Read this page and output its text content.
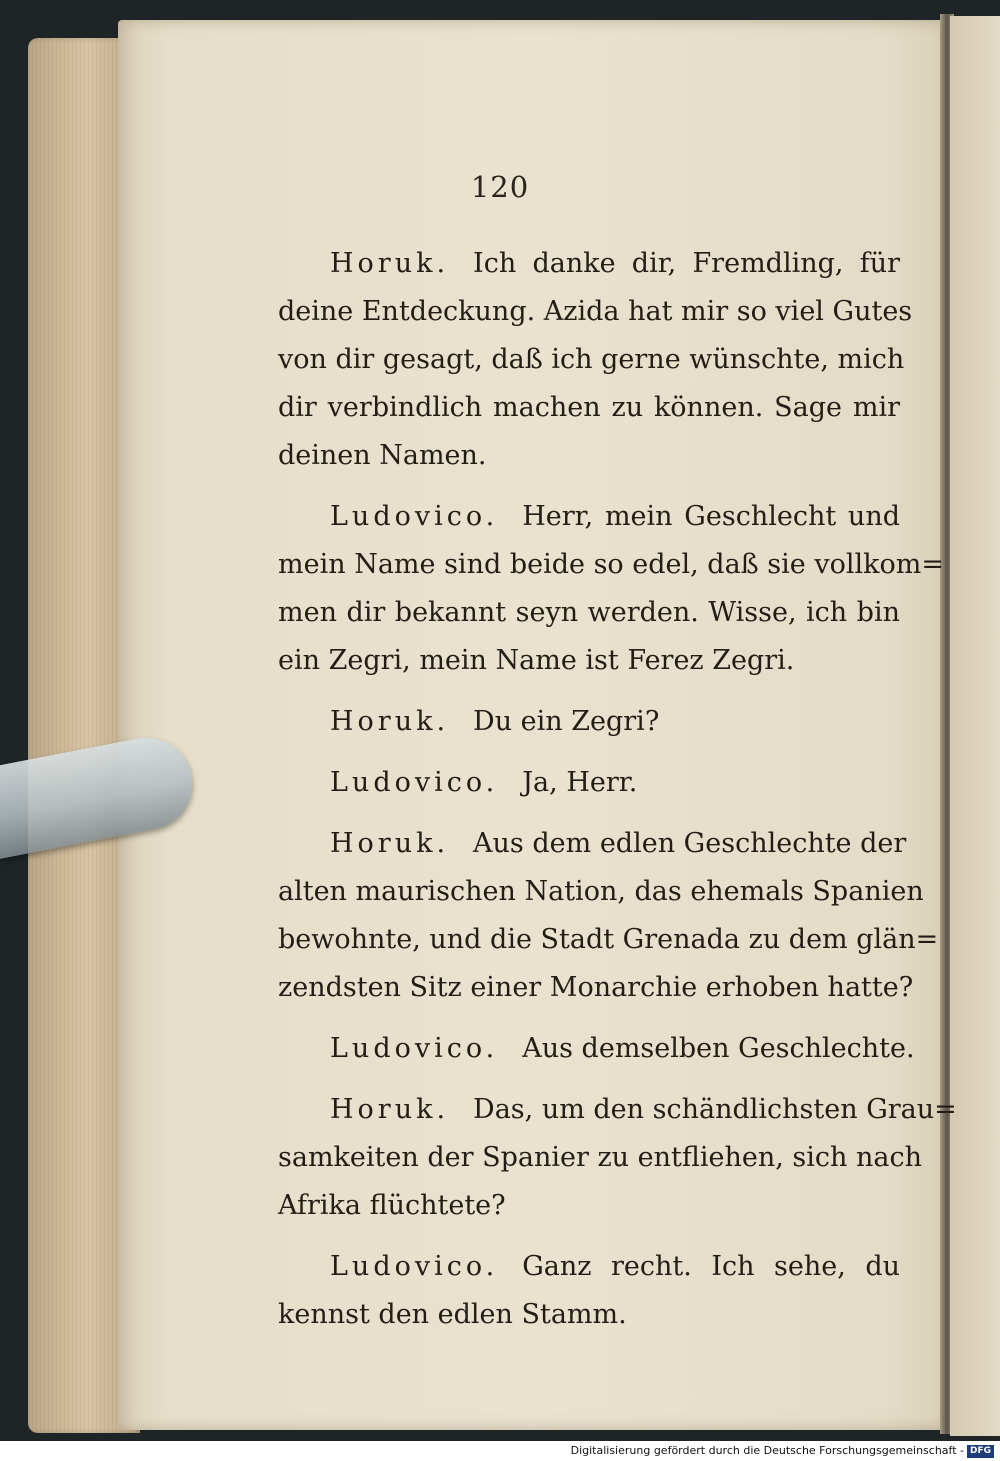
120
Horuk. Ich danke dir, Fremdling, für
deine Entdeckung. Azida hat mir so viel Gutes
von dir gesagt, daß ich gerne wünschte, mich
dir verbindlich machen zu können. Sage mir
deinen Namen.
Ludovico. Herr, mein Geschlecht und
mein Name sind beide so edel, daß sie vollkom=
men dir bekannt seyn werden. Wisse, ich bin
ein Zegri, mein Name ist Ferez Zegri.
Horuk. Du ein Zegri?
Ludovico. Ja, Herr.
Horuk. Aus dem edlen Geschlechte der
alten maurischen Nation, das ehemals Spanien
bewohnte, und die Stadt Grenada zu dem glän=
zendsten Sitz einer Monarchie erhoben hatte?
Ludovico. Aus demselben Geschlechte.
Horuk. Das, um den schändlichsten Grau=
samkeiten der Spanier zu entfliehen, sich nach
Afrika flüchtete?
Ludovico. Ganz recht. Ich sehe, du
kennst den edlen Stamm.
Digitalisierung gefördert durch die Deutsche Forschungsgemeinschaft - DFG
